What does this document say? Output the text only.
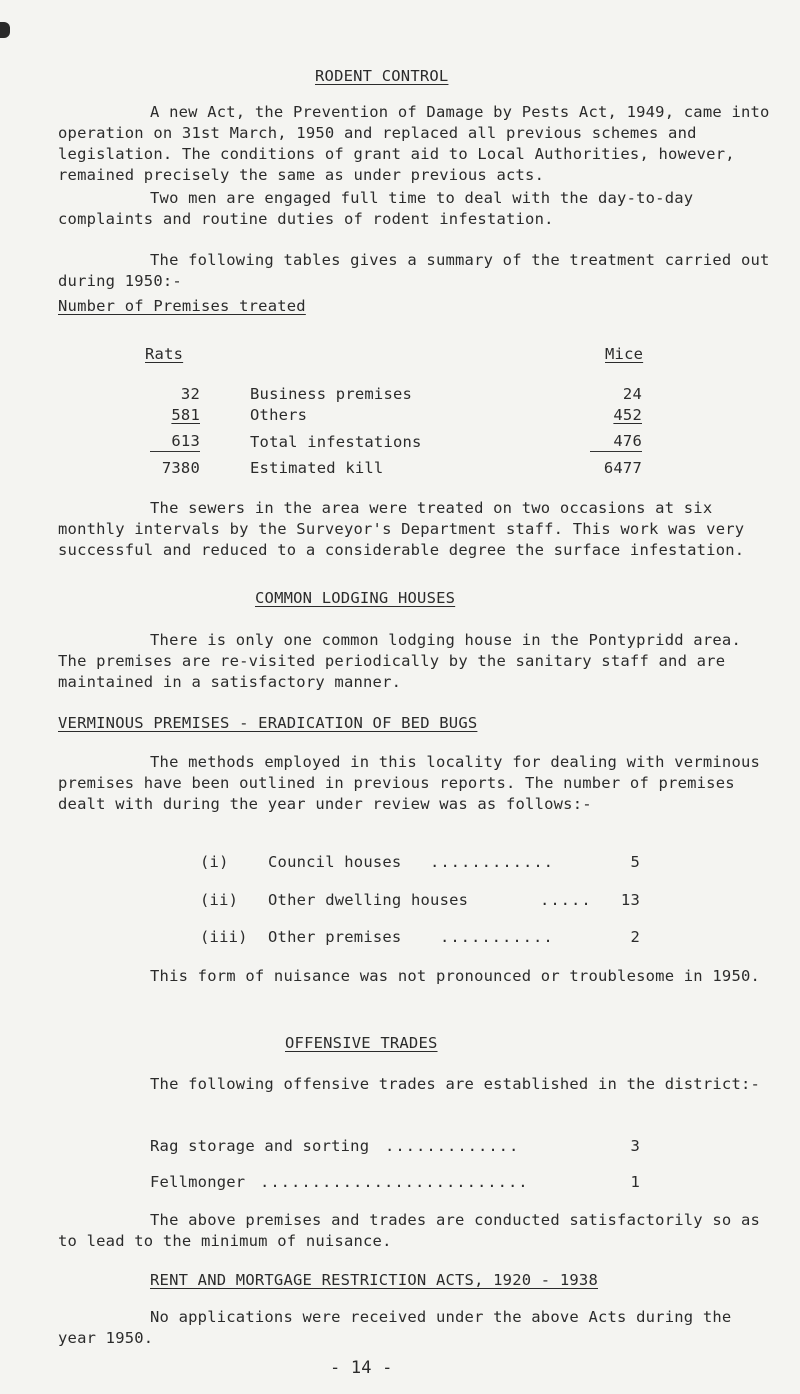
RODENT CONTROL
A new Act, the Prevention of Damage by Pests Act, 1949, came into operation on 31st March, 1950 and replaced all previous schemes and legislation. The conditions of grant aid to Local Authorities, however, remained precisely the same as under previous acts.
Two men are engaged full time to deal with the day-to-day complaints and routine duties of rodent infestation.
The following tables gives a summary of the treatment carried out during 1950:-
Number of Premises treated
Rats	Mice
32	Business premises	24
581	Others	452
613	Total infestations	476
7380	Estimated kill	6477
The sewers in the area were treated on two occasions at six monthly intervals by the Surveyor's Department staff. This work was very successful and reduced to a considerable degree the surface infestation.
COMMON LODGING HOUSES
There is only one common lodging house in the Pontypridd area. The premises are re-visited periodically by the sanitary staff and are maintained in a satisfactory manner.
VERMINOUS PREMISES - ERADICATION OF BED BUGS
The methods employed in this locality for dealing with verminous premises have been outlined in previous reports. The number of premises dealt with during the year under review was as follows:-
(i)	Council houses ............	5
(ii) Other dwelling houses	.....	13
(iii) Other premises ...........	2
This form of nuisance was not pronounced or troublesome in 1950.
OFFENSIVE TRADES
The following offensive trades are established in the district:-
Rag storage and sorting .............	3
Fellmonger ..........................	1
The above premises and trades are conducted satisfactorily so as to lead to the minimum of nuisance.
RENT AND MORTGAGE RESTRICTION ACTS, 1920 - 1938
No applications were received under the above Acts during the year 1950.
- 14 -
